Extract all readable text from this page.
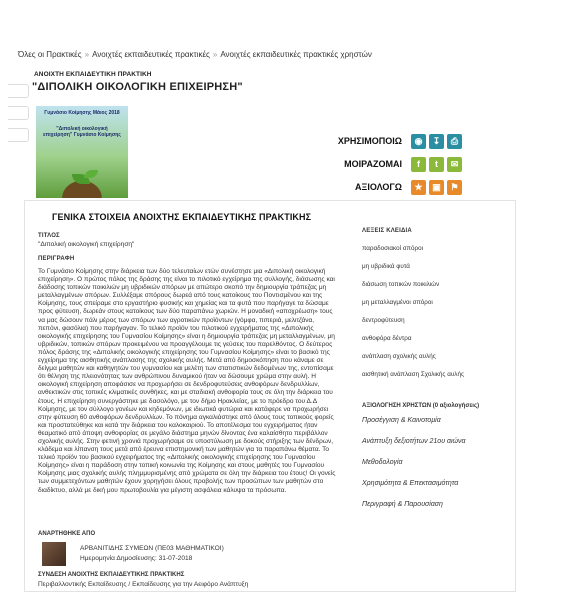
Όλες οι Πρακτικές » Ανοιχτές εκπαιδευτικές πρακτικές » Ανοιχτές εκπαιδευτικές πρακτικές χρηστών
ΑΝΟΙΧΤΗ ΕΚΠΑΙΔΕΥΤΙΚΗ ΠΡΑΚΤΙΚΗ
"ΔΙΠΟΛΙΚΗ ΟΙΚΟΛΟΓΙΚΗ ΕΠΙΧΕΙΡΗΣΗ"
Γυμνάσιο Κοίμησης Μάιος 2018
"Διπολική οικολογική επιχείρηση" Γυμνάσιο Κοίμησης
ΧΡΗΣΙΜΟΠΟΙΩ	◉	↧	⎙
ΜΟΙΡΑΖΟΜΑΙ	f	t	✉
ΑΞΙΟΛΟΓΩ	★	▣	⚑
ΓΕΝΙΚΑ ΣΤΟΙΧΕΙΑ ΑΝΟΙΧΤΗΣ ΕΚΠΑΙΔΕΥΤΙΚΗΣ ΠΡΑΚΤΙΚΗΣ
ΤΙΤΛΟΣ
"Διπολική οικολογική επιχείρηση"
ΠΕΡΙΓΡΑΦΗ
Το Γυμνάσιο Κοίμησης στην διάρκεια των δύο τελευταίων ετών συνέστησε μια «Διπολική οικολογική επιχείρηση». Ο πρώτος πόλος της δράσης της είναι το πιλοτικό εγχείρημα της συλλογής, διάσωσης και διάδοσης τοπικών ποικιλιών μη υβριδικών σπόρων με απώτερο σκοπό την δημιουργία τράπεζας μη μεταλλαγμένων σπόρων. Συλλέξαμε σπόρους δωρεά από τους κατοίκους του Ποντισμένου και της Κοίμησης, τους σπείραμε στο εργαστήριο φυσικής και χημείας και τα φυτά που παρήγαγε τα δώσαμε προς φύτευση, δωρεάν στους κατοίκους των δύο παραπάνω χωριών. Η μοναδική «αποχρέωση» τους να μας δώσουν πάλι μέρος των σπόρων των αγροτικών προϊόντων (γόμφα, πιπεριά, μελιτζάνα, πεπόνι, φασόλια) που παρήγαγαν. Το τελικό προϊόν του πιλοτικού εγχειρήματος της «Διπολικής οικολογικής επιχείρησης του Γυμνασίου Κοίμησης» είναι η δημιουργία τράπεζας μη μεταλλαγμένων, μη υβριδικών, τοπικών σπόρων προκειμένου να προαγγέλουμε τις γεύσεις του παρελθόντος. Ο δεύτερος πόλος δράσης της «Διπολικής οικολογικής επιχείρησης του Γυμνασίου Κοίμησης» είναι το βασικό της εγχείρημα της αισθητικής ανάπλασης της σχολικής αυλής. Μετά από δημοσκόπηση που κάναμε σε δείγμα μαθητών και καθηγητών του γυμνασίου και μελέτη των στατιστικών δεδομένων της, εντοπίσαμε ότι θέληση της πλειονότητας των ανθρώπινου δυναμικού ήταν να δώσουμε χρώμα στην αυλή. Η οικολογική επιχείρηση αποφάσισε να προχωρήσει σε δενδροφυτεύσεις ανθοφόρων δενδρυλλίων, ανθεκτικών στις τοπικές κλιματικές συνθήκες, και με σταδιακή ανθοφορία τους σε όλη την διάρκεια του έτους. Η επιχείρηση συνεργάστηκε με δασολόγο, με τον δήμο Ηρακλείας, με το πρόεδρο του Δ.Δ Κοίμησης, με τον σύλλογο γονέων και κηδεμόνων, με ιδιωτικά φυτώρια και κατάφερε να προχωρήσει στην φύτευση 60 ανθοφόρων δενδρυλλίων. Το πόνημα αγκαλιάστηκε από όλους τους τοπικούς φορείς και προστατεύθηκε και κατά την διάρκεια του καλοκαιριού. Το αποτέλεσμα του εγχειρήματος ήταν θεαματικό από άποψη ανθοφορίας σε μεγάλο διάστημα μηνών δίνοντας ένα καλαίσθητο περιβάλλον σχολικής αυλής. Στην φετινή χρονιά προχωρήσαμε σε υποστύλωση με δοκούς στήριξης των δένδρων, κλάδεμα και λίπανση τους μετά από έρευνα επιστημονική των μαθητών για τα παραπάνω θέματα. Το τελικό προϊόν του βασικού εγχειρήματος της «Διπολικής οικολογικής επιχείρησης του Γυμνασίου Κοίμησης» είναι η παράδοση στην τοπική κοινωνία της Κοίμησης και στους μαθητές του Γυμνασίου Κοίμησης μιας σχολικής αυλής πλημμυρισμένης από χρώματα σε όλη την διάρκεια του έτους! Οι γονείς των συμμετεχόντων μαθητών έχουν χορηγήσει όλους προβολής των προσώπων των μαθητών στο διαδίκτυο, αλλά με δική μου πρωτοβουλία για μέγιστη ασφάλεια κάλυψα τα πρόσωπα.
ΛΕΞΕΙΣ ΚΛΕΙΔΙΑ
παραδοσιακοί σπόροι
μη υβριδικά φυτά
διάσωση τοπικών ποικιλιών
μη μεταλλαγμένοι σπόροι
δεντροφύτευση
ανθοφόρα δέντρα
ανάπλαση σχολικής αυλής
αισθητική ανάπλαση Σχολικής αυλής
ΑΞΙΟΛΟΓΗΣΗ ΧΡΗΣΤΩΝ (0 αξιολογήσεις)
Προσέγγιση & Καινοτομία
Ανάπτυξη δεξιοτήτων 21ου αιώνα
Μεθοδολογία
Χρησιμότητα & Επεκτασιμότητα
Περιγραφή & Παρουσίαση
ΑΝΑΡΤΗΘΗΚΕ ΑΠΟ
ΑΡΒΑΝΙΤΙΔΗΣ ΣΥΜΕΩΝ (ΠΕ03 ΜΑΘΗΜΑΤΙΚΟΙ)
Ημερομηνία Δημοσίευσης: 31-07-2018
ΣΥΝΔΕΣΗ ΑΝΟΙΧΤΗΣ ΕΚΠΑΙΔΕΥΤΙΚΗΣ ΠΡΑΚΤΙΚΗΣ
Περιβαλλοντικής Εκπαίδευσης / Εκπαίδευσης για την Αειφόρο Ανάπτυξη
